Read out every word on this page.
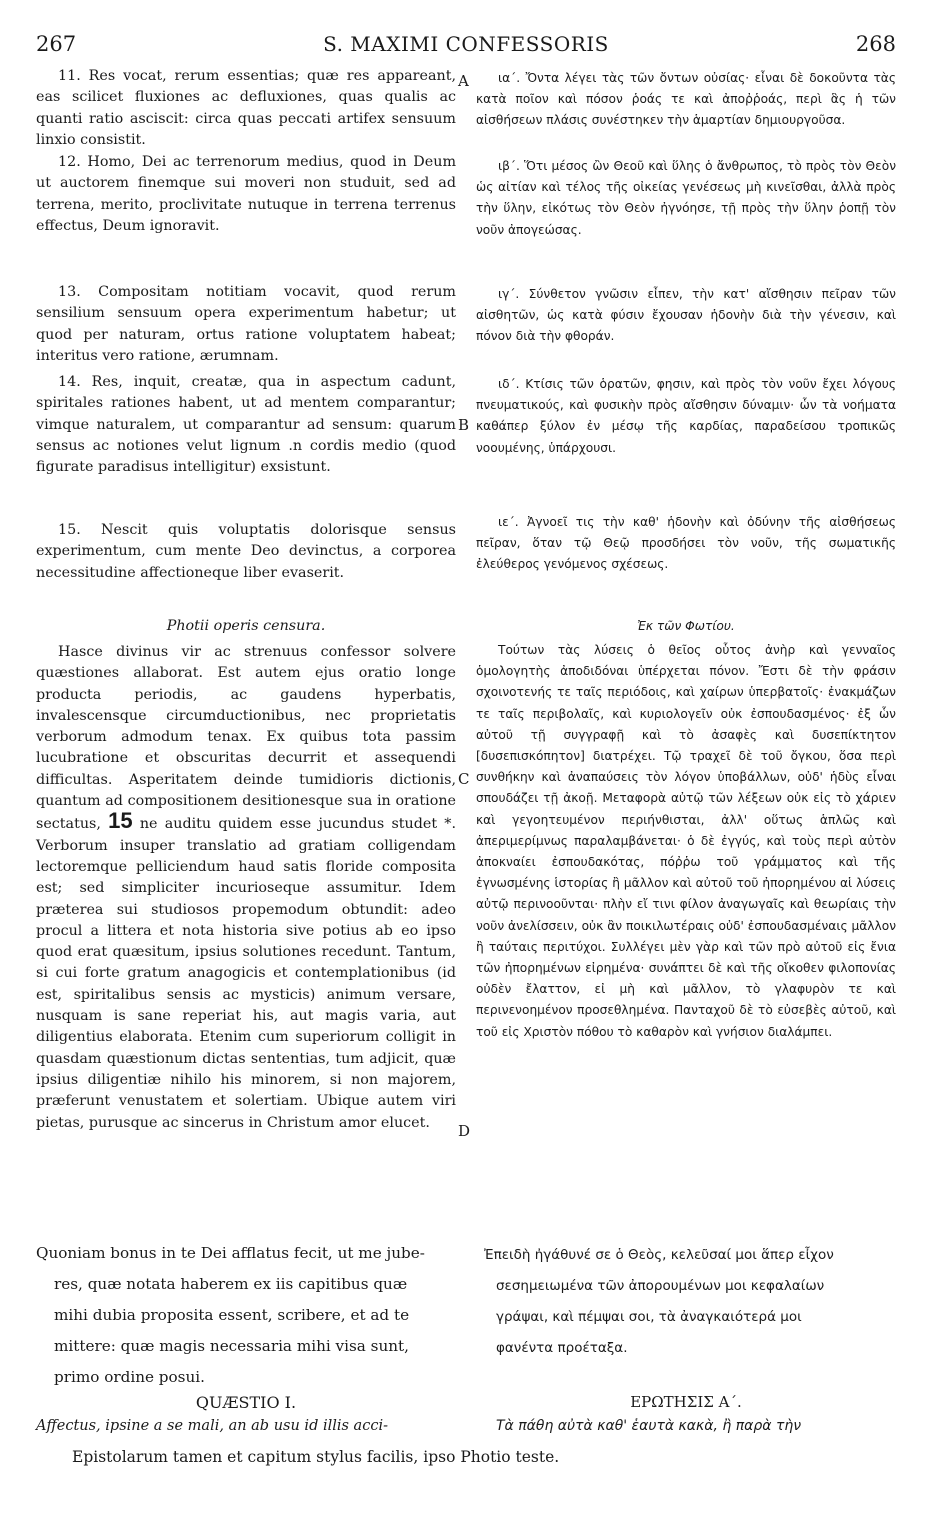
267	S. MAXIMI CONFESSORIS	268

11. Res vocat, rerum essentias; quæ res appareant, eas scilicet fluxiones ac defluxiones, quas qualis ac quanti ratio asciscit: circa quas peccati artifex sensuum linxio consistit.

12. Homo, Dei ac terrenorum medius, quod in Deum ut auctorem finemque sui moveri non studuit, sed ad terrena, merito, proclivitate nutuque in terrena terrenus effectus, Deum ignoravit.

13. Compositam notitiam vocavit, quod rerum sensilium sensuum opera experimentum habetur; ut quod per naturam, ortus ratione voluptatem habeat; interitus vero ratione, ærumnam.

14. Res, inquit, creatæ, qua in aspectum cadunt, spiritales rationes habent, ut ad mentem comparantur; vimque naturalem, ut comparantur ad sensum: quarum sensus ac notiones velut lignum .n cordis medio (quod figurate paradisus intelligitur) exsistunt.

15. Nescit quis voluptatis dolorisque sensus experimentum, cum mente Deo devinctus, a corporea necessitudine affectioneque liber evaserit.

Photii operis censura.

Hasce divinus vir ac strenuus confessor solvere quæstiones allaborat. Est autem ejus oratio longe producta periodis, ac gaudens hyperbatis, invalescensque circumductionibus, nec proprietatis verborum admodum tenax. Ex quibus tota passim lucubratione et obscuritas decurrit et assequendi difficultas. Asperitatem deinde tumidioris dictionis, quantum ad compositionem desitionesque sua in oratione sectatus, 15 ne auditu quidem esse jucundus studet *. Verborum insuper translatio ad gratiam colligendam lectoremque pelliciendum haud satis floride composita est; sed simpliciter incurioseque assumitur. Idem præterea sui studiosos propemodum obtundit: adeo procul a littera et nota historia sive potius ab eo ipso quod erat quæsitum, ipsius solutiones recedunt. Tantum, si cui forte gratum anagogicis et contemplationibus (id est, spiritalibus sensis ac mysticis) animum versare, nusquam is sane reperiat his, aut magis varia, aut diligentius elaborata. Etenim cum superiorum colligit in quasdam quæstionum dictas sententias, tum adjicit, quæ ipsius diligentiæ nihilo his minorem, si non majorem, præferunt venustatem et solertiam. Ubique autem viri pietas, purusque ac sincerus in Christum amor elucet.

A
B
C
D

ια΄. Ὄντα λέγει τὰς τῶν ὄντων οὐσίας· εἶναι δὲ δοκοῦντα τὰς κατὰ ποῖον καὶ πόσον ῥοάς τε καὶ ἀποῤῥοάς, περὶ ἃς ἡ τῶν αἰσθήσεων πλάσις συνέστηκεν τὴν ἁμαρτίαν δημιουργοῦσα.

ιβ΄. Ὅτι μέσος ὢν Θεοῦ καὶ ὕλης ὁ ἄνθρωπος, τὸ πρὸς τὸν Θεὸν ὡς αἰτίαν καὶ τέλος τῆς οἰκείας γενέσεως μὴ κινεῖσθαι, ἀλλὰ πρὸς τὴν ὕλην, εἰκότως τὸν Θεὸν ἠγνόησε, τῇ πρὸς τὴν ὕλην ῥοπῇ τὸν νοῦν ἀπογεώσας.

ιγ΄. Σύνθετον γνῶσιν εἶπεν, τὴν κατ' αἴσθησιν πεῖραν τῶν αἰσθητῶν, ὡς κατὰ φύσιν ἔχουσαν ἡδονὴν διὰ τὴν γένεσιν, καὶ πόνον διὰ τὴν φθοράν.

ιδ΄. Κτίσις τῶν ὁρατῶν, φησιν, καὶ πρὸς τὸν νοῦν ἔχει λόγους πνευματικούς, καὶ φυσικὴν πρὸς αἴσθησιν δύναμιν· ὧν τὰ νοήματα καθάπερ ξύλον ἐν μέσῳ τῆς καρδίας, παραδείσου τροπικῶς νοουμένης, ὑπάρχουσι.

ιε΄. Ἀγνοεῖ τις τὴν καθ' ἡδονὴν καὶ ὀδύνην τῆς αἰσθήσεως πεῖραν, ὅταν τῷ Θεῷ προσδήσει τὸν νοῦν, τῆς σωματικῆς ἐλεύθερος γενόμενος σχέσεως.

Ἐκ τῶν Φωτίου.

Τούτων τὰς λύσεις ὁ θεῖος οὗτος ἀνὴρ καὶ γενναῖος ὁμολογητὴς ἀποδιδόναι ὑπέρχεται πόνον. Ἔστι δὲ τὴν φράσιν σχοινοτενής τε ταῖς περιόδοις, καὶ χαίρων ὑπερβατοῖς· ἐνακμάζων τε ταῖς περιβολαῖς, καὶ κυριολογεῖν οὐκ ἐσπουδασμένος· ἐξ ὧν αὐτοῦ τῇ συγγραφῇ καὶ τὸ ἀσαφὲς καὶ δυσεπίκτητον [δυσεπισκόπητον] διατρέχει. Τῷ τραχεῖ δὲ τοῦ ὄγκου, ὅσα περὶ συνθήκην καὶ ἀναπαύσεις τὸν λόγον ὑποβάλλων, οὐδ' ἡδὺς εἶναι σπουδάζει τῇ ἀκοῇ. Μεταφορὰ αὐτῷ τῶν λέξεων οὐκ εἰς τὸ χάριεν καὶ γεγοητευμένον περιήνθισται, ἀλλ' οὕτως ἁπλῶς καὶ ἀπεριμερίμνως παραλαμβάνεται· ὁ δὲ ἐγγύς, καὶ τοὺς περὶ αὐτὸν ἀποκναίει ἐσπουδακότας, πόῤῥω τοῦ γράμματος καὶ τῆς ἐγνωσμένης ἱστορίας ἢ μᾶλλον καὶ αὐτοῦ τοῦ ἠπορημένου αἱ λύσεις αὐτῷ περινοοῦνται· πλὴν εἴ τινι φίλον ἀναγωγαῖς καὶ θεωρίαις τὴν νοῦν ἀνελίσσειν, οὐκ ἂν ποικιλωτέραις οὐδ' ἐσπουδασμέναις μᾶλλον ἢ ταύταις περιτύχοι. Συλλέγει μὲν γὰρ καὶ τῶν πρὸ αὐτοῦ εἰς ἔνια τῶν ἠπορημένων εἰρημένα· συνάπτει δὲ καὶ τῆς οἴκοθεν φιλοπονίας οὐδὲν ἔλαττον, εἰ μὴ καὶ μᾶλλον, τὸ γλαφυρὸν τε καὶ περινενοημένον προσεθλημένα. Πανταχοῦ δὲ τὸ εὐσεβὲς αὐτοῦ, καὶ τοῦ εἰς Χριστὸν πόθου τὸ καθαρὸν καὶ γνήσιον διαλάμπει.

Quoniam bonus in te Dei afflatus fecit, ut me jube-

res, quæ notata haberem ex iis capitibus quæ

mihi dubia proposita essent, scribere, et ad te

mittere: quæ magis necessaria mihi visa sunt,

primo ordine posui.

Ἐπειδὴ ἠγάθυνέ σε ὁ Θεὸς, κελεῦσαί μοι ἅπερ εἶχον

σεσημειωμένα τῶν ἀπορουμένων μοι κεφαλαίων

γράψαι, καὶ πέμψαι σοι, τὰ ἀναγκαιότερά μοι

φανέντα προέταξα.

QUÆSTIO I.	ΕΡΩΤΗΣΙΣ Α΄.
Affectus, ipsine a se mali, an ab usu id illis acci-	Τὰ πάθη αὐτὰ καθ' ἑαυτὰ κακὰ, ἢ παρὰ τὴν
Epistolarum tamen et capitum stylus facilis, ipso Photio teste.
